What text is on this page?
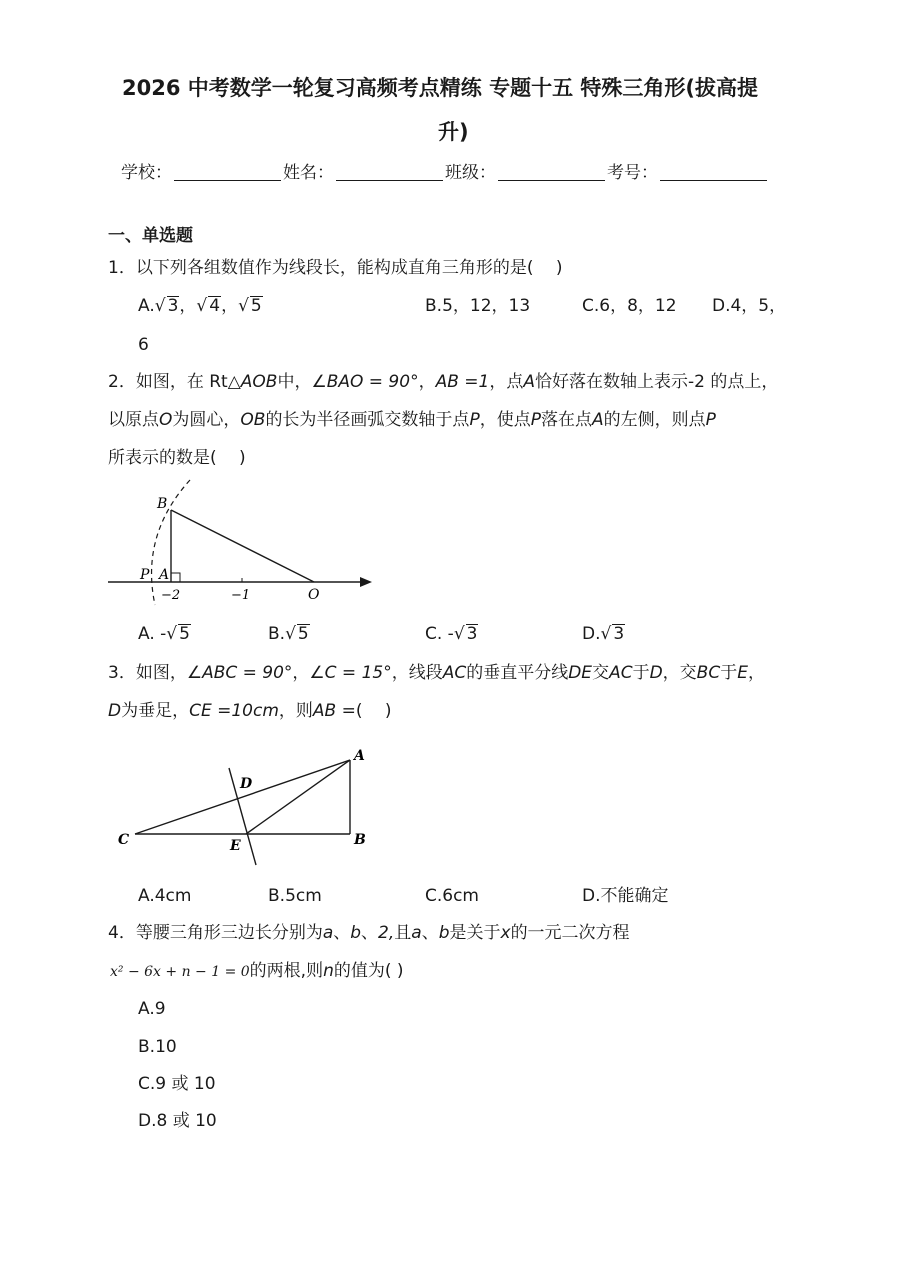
2026 中考数学一轮复习高频考点精练 专题十五 特殊三角形(拔高提
升)
学校：	姓名：	班级：	考号：
一、单选题
1．以下列各组数值作为线段长，能构成直角三角形的是(　 )
A.√ 3，√ 4，√ 5	B.5，12，13	C.6，8，12 D.4，5，
6
2．如图，在 Rt△AOB中，∠BAO = 90°，AB =1，点A恰好落在数轴上表示-2 的点上，
以原点O为圆心，OB的长为半径画弧交数轴于点P，使点P落在点A的左侧，则点P
所表示的数是(　 )
B
P A
O
−2	−1
A. -√ 5	B.√ 5	C. -√ 3	D.√ 3
3．如图，∠ABC = 90°，∠C = 15°，线段AC的垂直平分线DE交AC于D，交BC于E，
D为垂足，CE =10cm，则AB =(　 )
A
B
C
D
E
A.4cm	B.5cm	C.6cm	D.不能确定
4．等腰三角形三边长分别为a、b、2,且a、b是关于x的一元二次方程
x² − 6x + n − 1 = 0的两根,则n的值为( )
A.9
B.10
C.9 或 10
D.8 或 10
